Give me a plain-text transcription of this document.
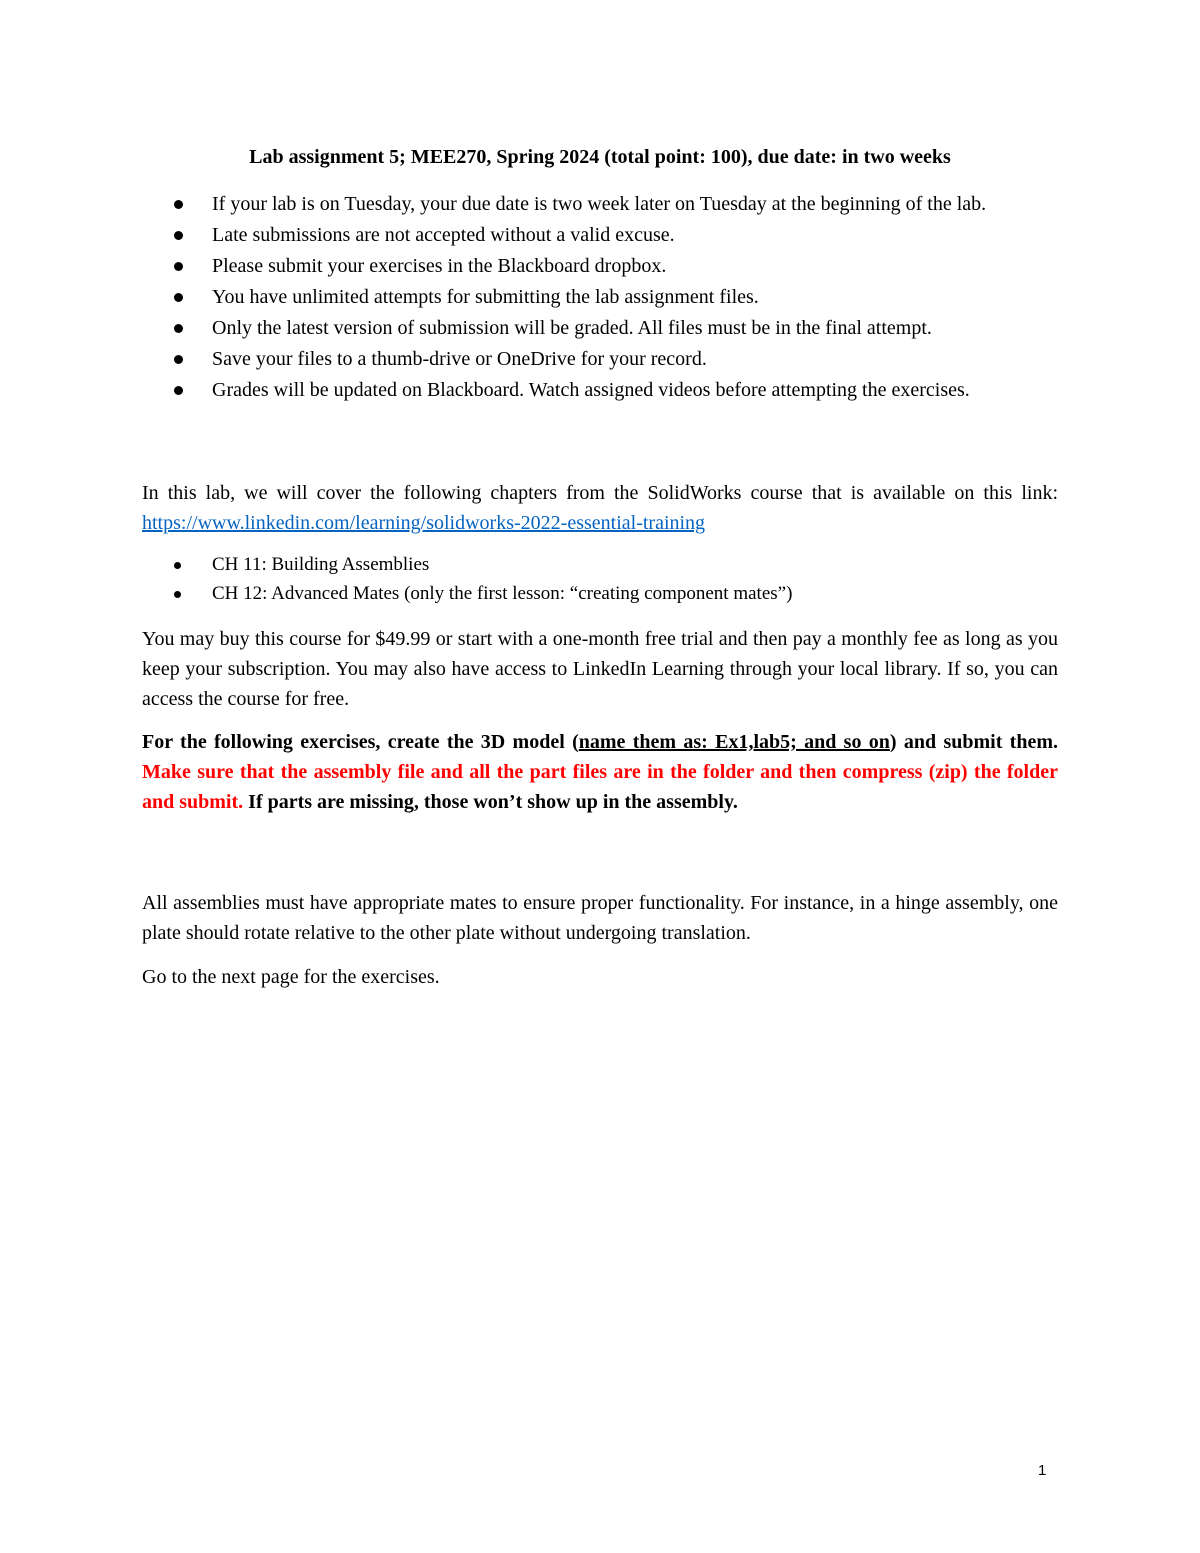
Lab assignment 5; MEE270, Spring 2024 (total point: 100), due date: in two weeks
If your lab is on Tuesday, your due date is two week later on Tuesday at the beginning of the lab.
Late submissions are not accepted without a valid excuse.
Please submit your exercises in the Blackboard dropbox.
You have unlimited attempts for submitting the lab assignment files.
Only the latest version of submission will be graded. All files must be in the final attempt.
Save your files to a thumb-drive or OneDrive for your record.
Grades will be updated on Blackboard. Watch assigned videos before attempting the exercises.

In this lab, we will cover the following chapters from the SolidWorks course that is available on this link: https://www.linkedin.com/learning/solidworks-2022-essential-training

CH 11: Building Assemblies
CH 12: Advanced Mates (only the first lesson: “creating component mates”)

You may buy this course for $49.99 or start with a one-month free trial and then pay a monthly fee as long as you keep your subscription. You may also have access to LinkedIn Learning through your local library. If so, you can access the course for free.

For the following exercises, create the 3D model (name them as: Ex1,lab5; and so on) and submit them. Make sure that the assembly file and all the part files are in the folder and then compress (zip) the folder and submit. If parts are missing, those won’t show up in the assembly.

All assemblies must have appropriate mates to ensure proper functionality. For instance, in a hinge assembly, one plate should rotate relative to the other plate without undergoing translation.

Go to the next page for the exercises.

1
